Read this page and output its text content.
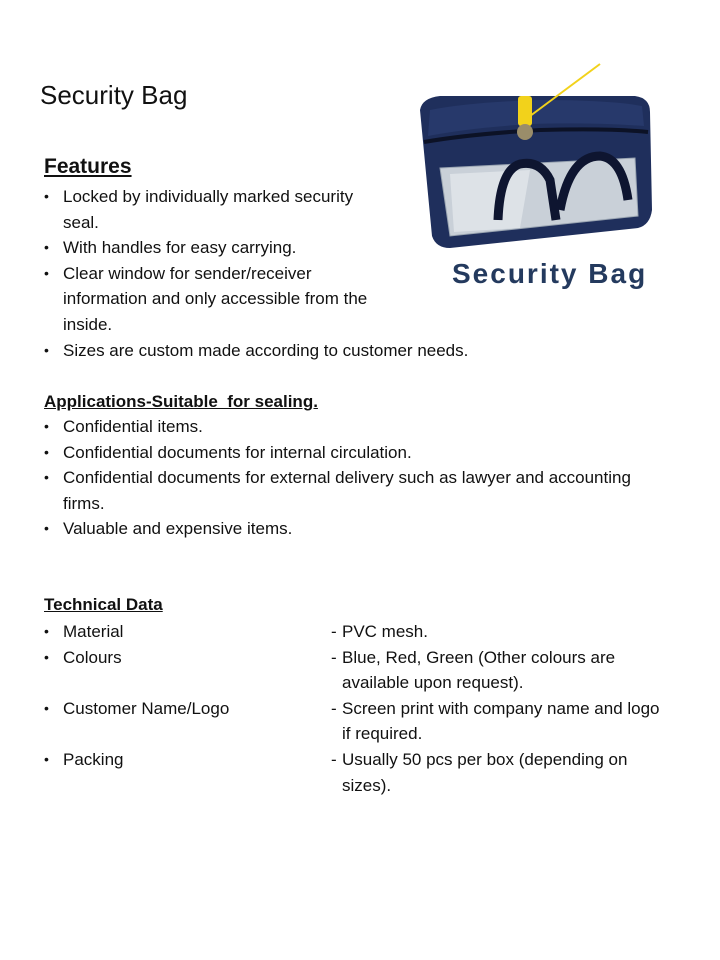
Security Bag

Security Bag

Features
• Locked by individually marked security seal.
• With handles for easy carrying.
• Clear window for sender/receiver information and only accessible from the inside.
• Sizes are custom made according to customer needs.
Applications-Suitable  for sealing.
• Confidential items.
• Confidential documents for internal circulation.
• Confidential documents for external delivery such as lawyer and accounting firms.
• Valuable and expensive items.
Technical Data
• Material	- PVC mesh.
• Colours	- Blue, Red, Green (Other colours are available upon request).
• Customer Name/Logo	- Screen print with company name and logo if required.
• Packing	- Usually 50 pcs per box (depending on sizes).
